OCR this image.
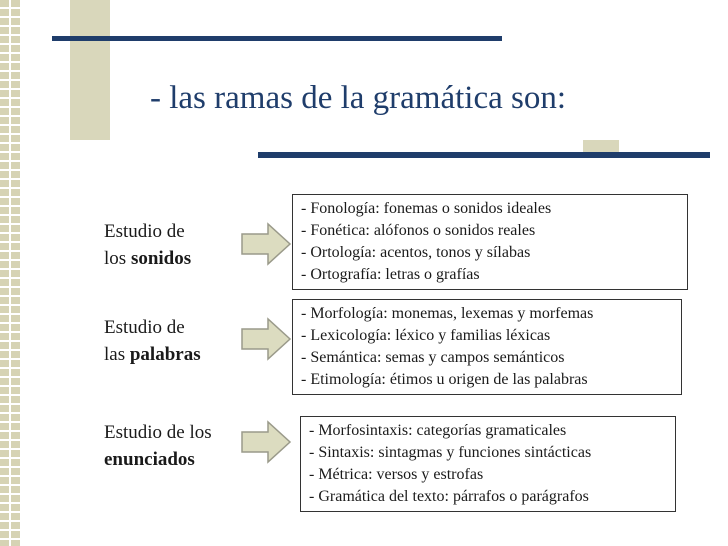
- las ramas de la gramática son:
Estudio de
los sonidos
- Fonología: fonemas o sonidos ideales
- Fonética: alófonos o sonidos reales
- Ortología: acentos, tonos y sílabas
- Ortografía: letras o grafías
Estudio de
las palabras
- Morfología: monemas, lexemas y morfemas
- Lexicología: léxico y familias léxicas
- Semántica: semas y campos semánticos
- Etimología: étimos u origen de las palabras
Estudio de los
enunciados
- Morfosintaxis: categorías gramaticales
- Sintaxis: sintagmas y funciones sintácticas
- Métrica: versos y estrofas
- Gramática del texto: párrafos o parágrafos
